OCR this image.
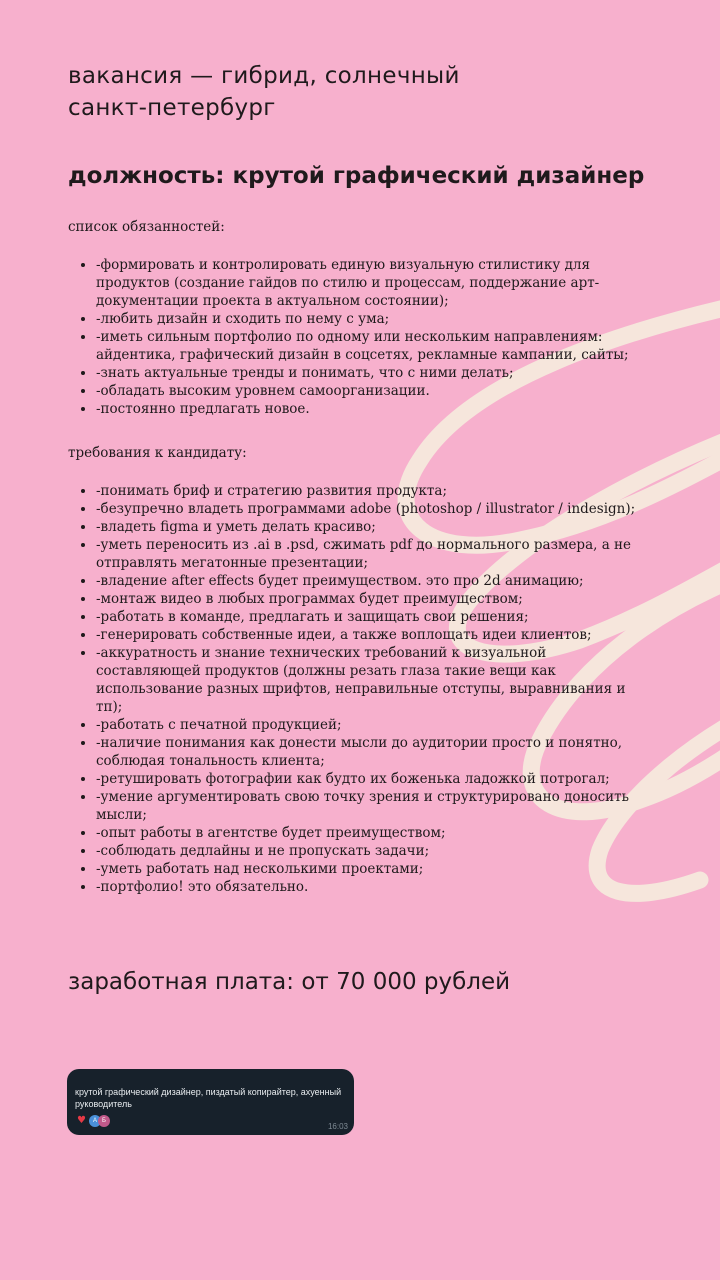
вакансия — гибрид, солнечный
санкт-петербург
должность: крутой графический дизайнер

список обязанностей:

• -формировать и контролировать единую визуальную стилистику для продуктов (создание гайдов по стилю и процессам, поддержание арт-документации проекта в актуальном состоянии);
• -любить дизайн и сходить по нему с ума;
• -иметь сильным портфолио по одному или нескольким направлениям: айдентика, графический дизайн в соцсетях, рекламные кампании, сайты;
• -знать актуальные тренды и понимать, что с ними делать;
• -обладать высоким уровнем самоорганизации.
• -постоянно предлагать новое.

требования к кандидату:

• -понимать бриф и стратегию развития продукта;
• -безупречно владеть программами adobe (photoshop / illustrator / indesign);
• -владеть figma и уметь делать красиво;
• -уметь переносить из .ai в .psd, сжимать pdf до нормального размера, а не отправлять мегатонные презентации;
• -владение after effects будет преимуществом. это про 2d анимацию;
• -монтаж видео в любых программах будет преимуществом;
• -работать в команде, предлагать и защищать свои решения;
• -генерировать собственные идеи, а также воплощать идеи клиентов;
• -аккуратность и знание технических требований к визуальной составляющей продуктов (должны резать глаза такие вещи как использование разных шрифтов, неправильные отступы, выравнивания и тп);
• -работать с печатной продукцией;
• -наличие понимания как донести мысли до аудитории просто и понятно, соблюдая тональность клиента;
• -ретушировать фотографии как будто их боженька ладожкой потрогал;
• -умение аргументировать свою точку зрения и структурировано доносить мысли;
• -опыт работы в агентстве будет преимуществом;
• -соблюдать дедлайны и не пропускать задачи;
• -уметь работать над несколькими проектами;
• -портфолио! это обязательно.
заработная плата: от 70 000 рублей
крутой графический дизайнер, пиздатый копирайтер, ахуенный руководитель
♥	А Б
16:03
